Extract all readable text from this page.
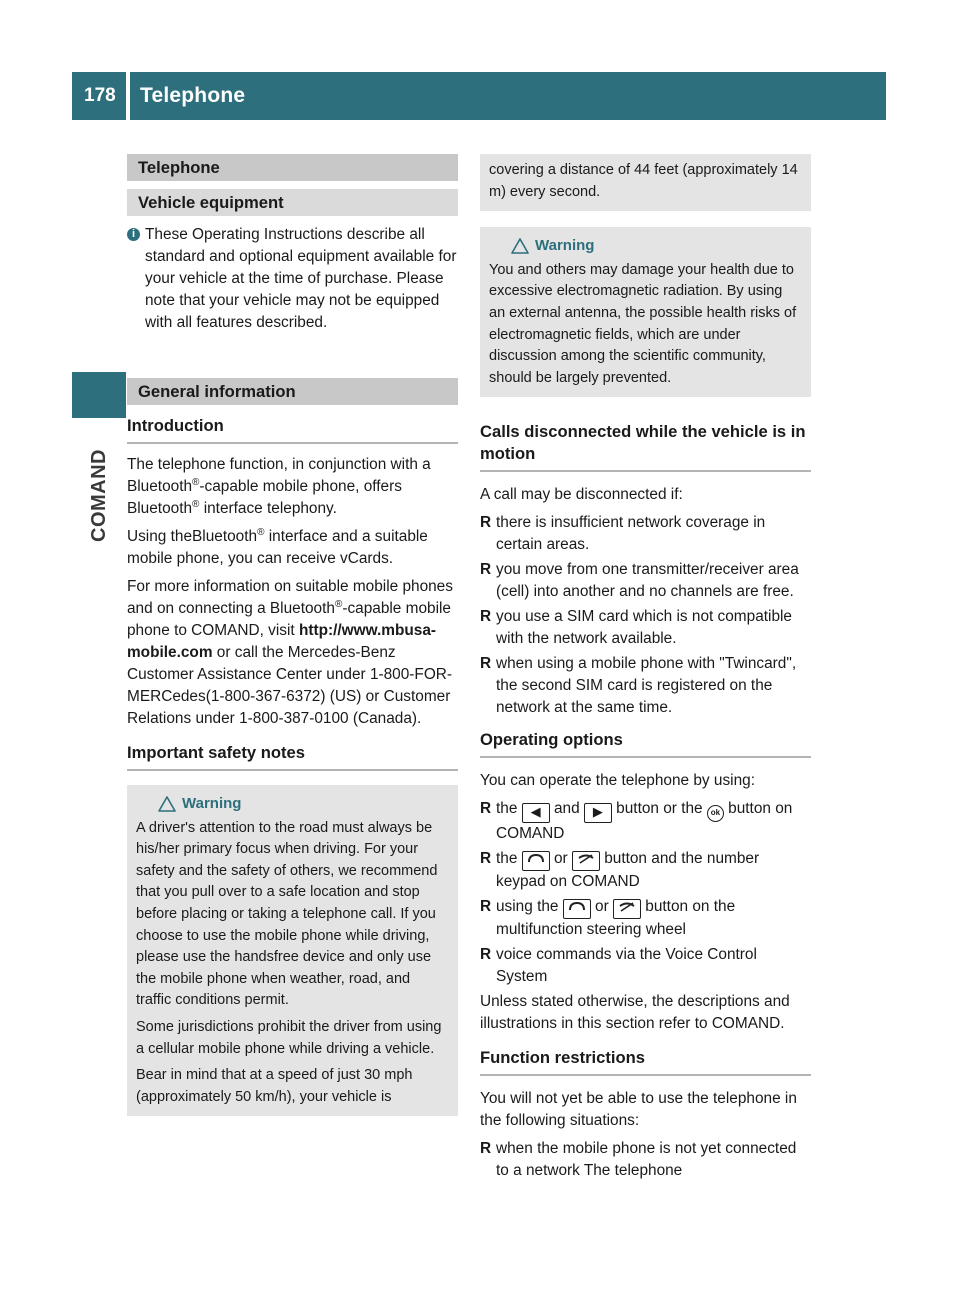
178	Telephone
COMAND
Telephone
Vehicle equipment
i These Operating Instructions describe all standard and optional equipment available for your vehicle at the time of purchase. Please note that your vehicle may not be equipped with all features described.
General information
Introduction

The telephone function, in conjunction with a Bluetooth®-capable mobile phone, offers Bluetooth® interface telephony.

Using theBluetooth® interface and a suitable mobile phone, you can receive vCards.

For more information on suitable mobile phones and on connecting a Bluetooth®-capable mobile phone to COMAND, visit http://www.mbusa-mobile.com or call the Mercedes-Benz Customer Assistance Center under 1-800-FOR-MERCedes(1-800-367-6372) (US) or Customer Relations under 1-800-387-0100 (Canada).

Important safety notes
Warning

A driver's attention to the road must always be his/her primary focus when driving. For your safety and the safety of others, we recommend that you pull over to a safe location and stop before placing or taking a telephone call. If you choose to use the mobile phone while driving, please use the handsfree device and only use the mobile phone when weather, road, and traffic conditions permit.

Some jurisdictions prohibit the driver from using a cellular mobile phone while driving a vehicle.

Bear in mind that at a speed of just 30 mph (approximately 50 km/h), your vehicle is

covering a distance of 44 feet (approximately 14 m) every second.

Warning

You and others may damage your health due to excessive electromagnetic radiation. By using an external antenna, the possible health risks of electromagnetic fields, which are under discussion among the scientific community, should be largely prevented.

Calls disconnected while the vehicle is in motion

A call may be disconnected if:

R there is insufficient network coverage in certain areas.
R you move from one transmitter/receiver area (cell) into another and no channels are free.
R you use a SIM card which is not compatible with the network available.
R when using a mobile phone with "Twincard", the second SIM card is registered on the network at the same time.
Operating options

You can operate the telephone by using:

R the ◀ and ▶ button or the ok button on COMAND
R the  or  button and the number keypad on COMAND
R using the  or  button on the multifunction steering wheel
R voice commands via the Voice Control System

Unless stated otherwise, the descriptions and illustrations in this section refer to COMAND.

Function restrictions

You will not yet be able to use the telephone in the following situations:

R when the mobile phone is not yet connected to a network The telephone
